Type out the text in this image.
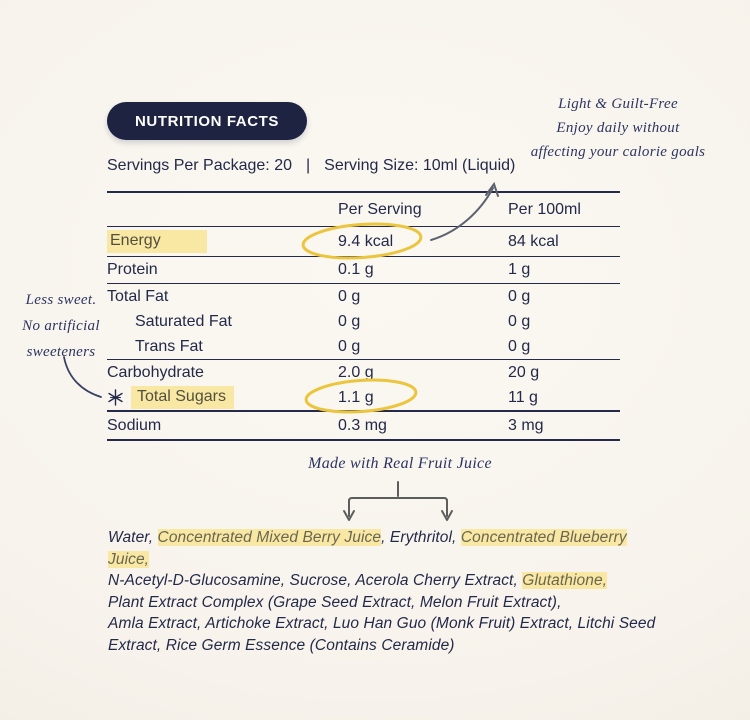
NUTRITION FACTS
Servings Per Package: 20 | Serving Size: 10ml (Liquid)
Light & Guilt-Free
Enjoy daily without
affecting your calorie goals
Less sweet.
No artificial
sweeteners
Per Serving	Per 100ml
Energy	9.4 kcal	84 kcal
Protein	0.1 g	1 g
Total Fat	0 g	0 g
Saturated Fat	0 g	0 g
Trans Fat	0 g	0 g
Carbohydrate	2.0 g	20 g
Total Sugars	1.1 g	11 g
Sodium	0.3 mg	3 mg
Made with Real Fruit Juice
Water, Concentrated Mixed Berry Juice, Erythritol, Concentrated Blueberry Juice,
N-Acetyl-D-Glucosamine, Sucrose, Acerola Cherry Extract, Glutathione,
Plant Extract Complex (Grape Seed Extract, Melon Fruit Extract),
Amla Extract, Artichoke Extract, Luo Han Guo (Monk Fruit) Extract, Litchi Seed
Extract, Rice Germ Essence (Contains Ceramide)
